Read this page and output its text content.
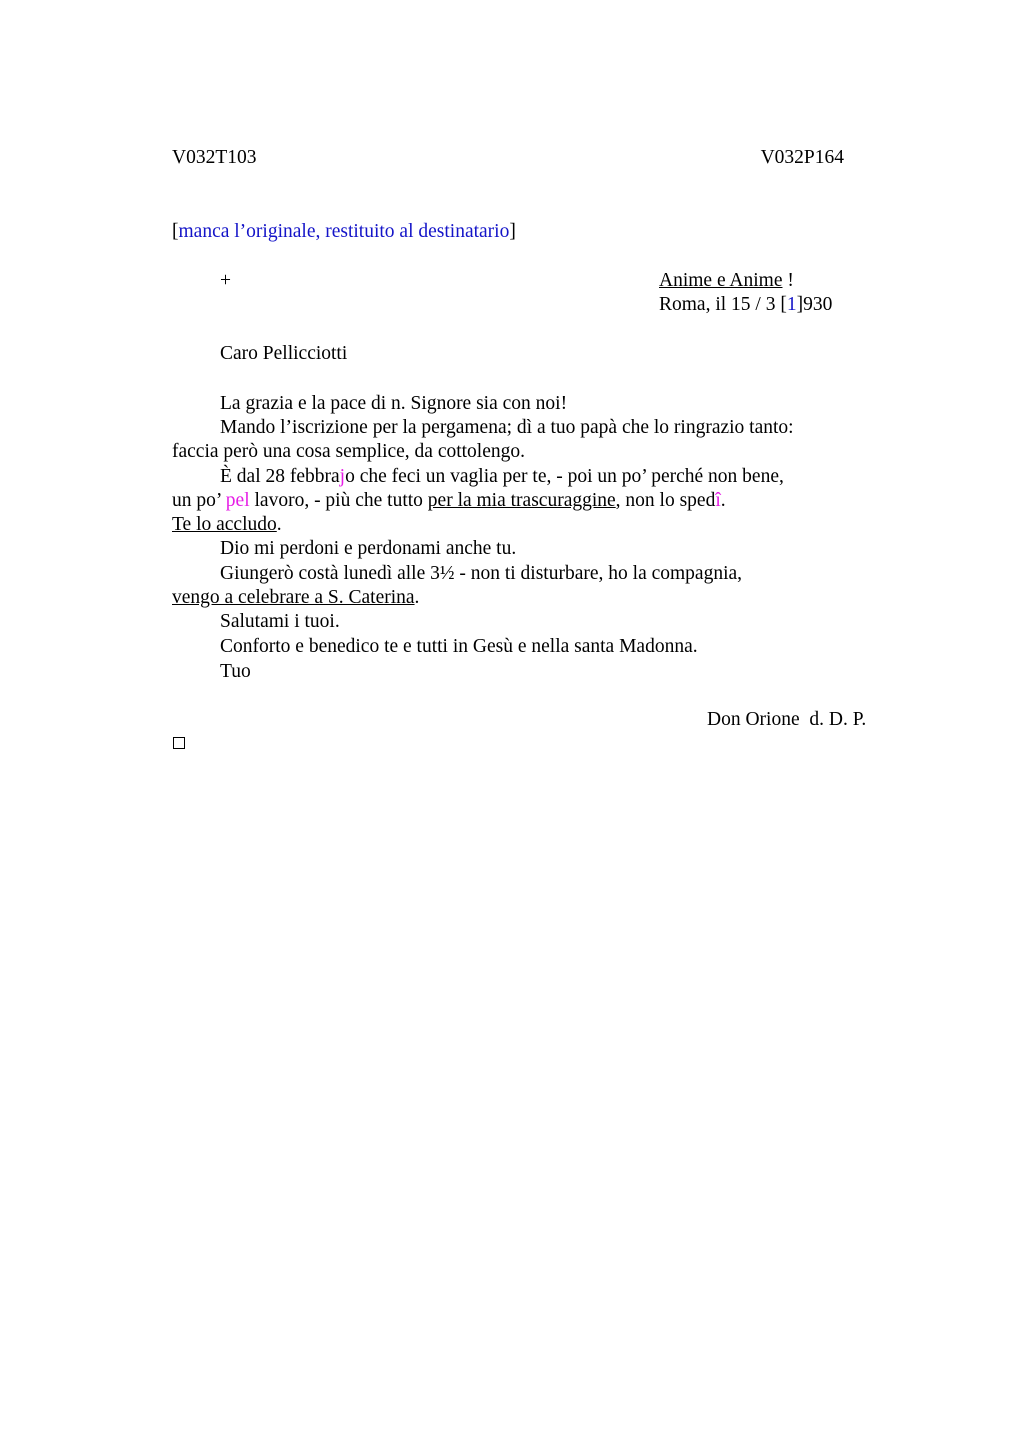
V032T103	V032P164
[manca l’originale, restituito al destinatario]
+	Anime e Anime !
Roma, il 15 / 3 [1]930
Caro Pellicciotti
La grazia e la pace di n. Signore sia con noi!
Mando l’iscrizione per la pergamena; dì a tuo papà che lo ringrazio tanto:
faccia però una cosa semplice, da cottolengo.
È dal 28 febbrajo che feci un vaglia per te, - poi un po’ perché non bene,
un po’ pel lavoro, - più che tutto per la mia trascuraggine, non lo spedî.
Te lo accludo.
Dio mi perdoni e perdonami anche tu.
Giungerò costà lunedì alle 3½ - non ti disturbare, ho la compagnia,
vengo a celebrare a S. Caterina.
Salutami i tuoi.
Conforto e benedico te e tutti in Gesù e nella santa Madonna.
Tuo
Don Orione  d. D. P.
